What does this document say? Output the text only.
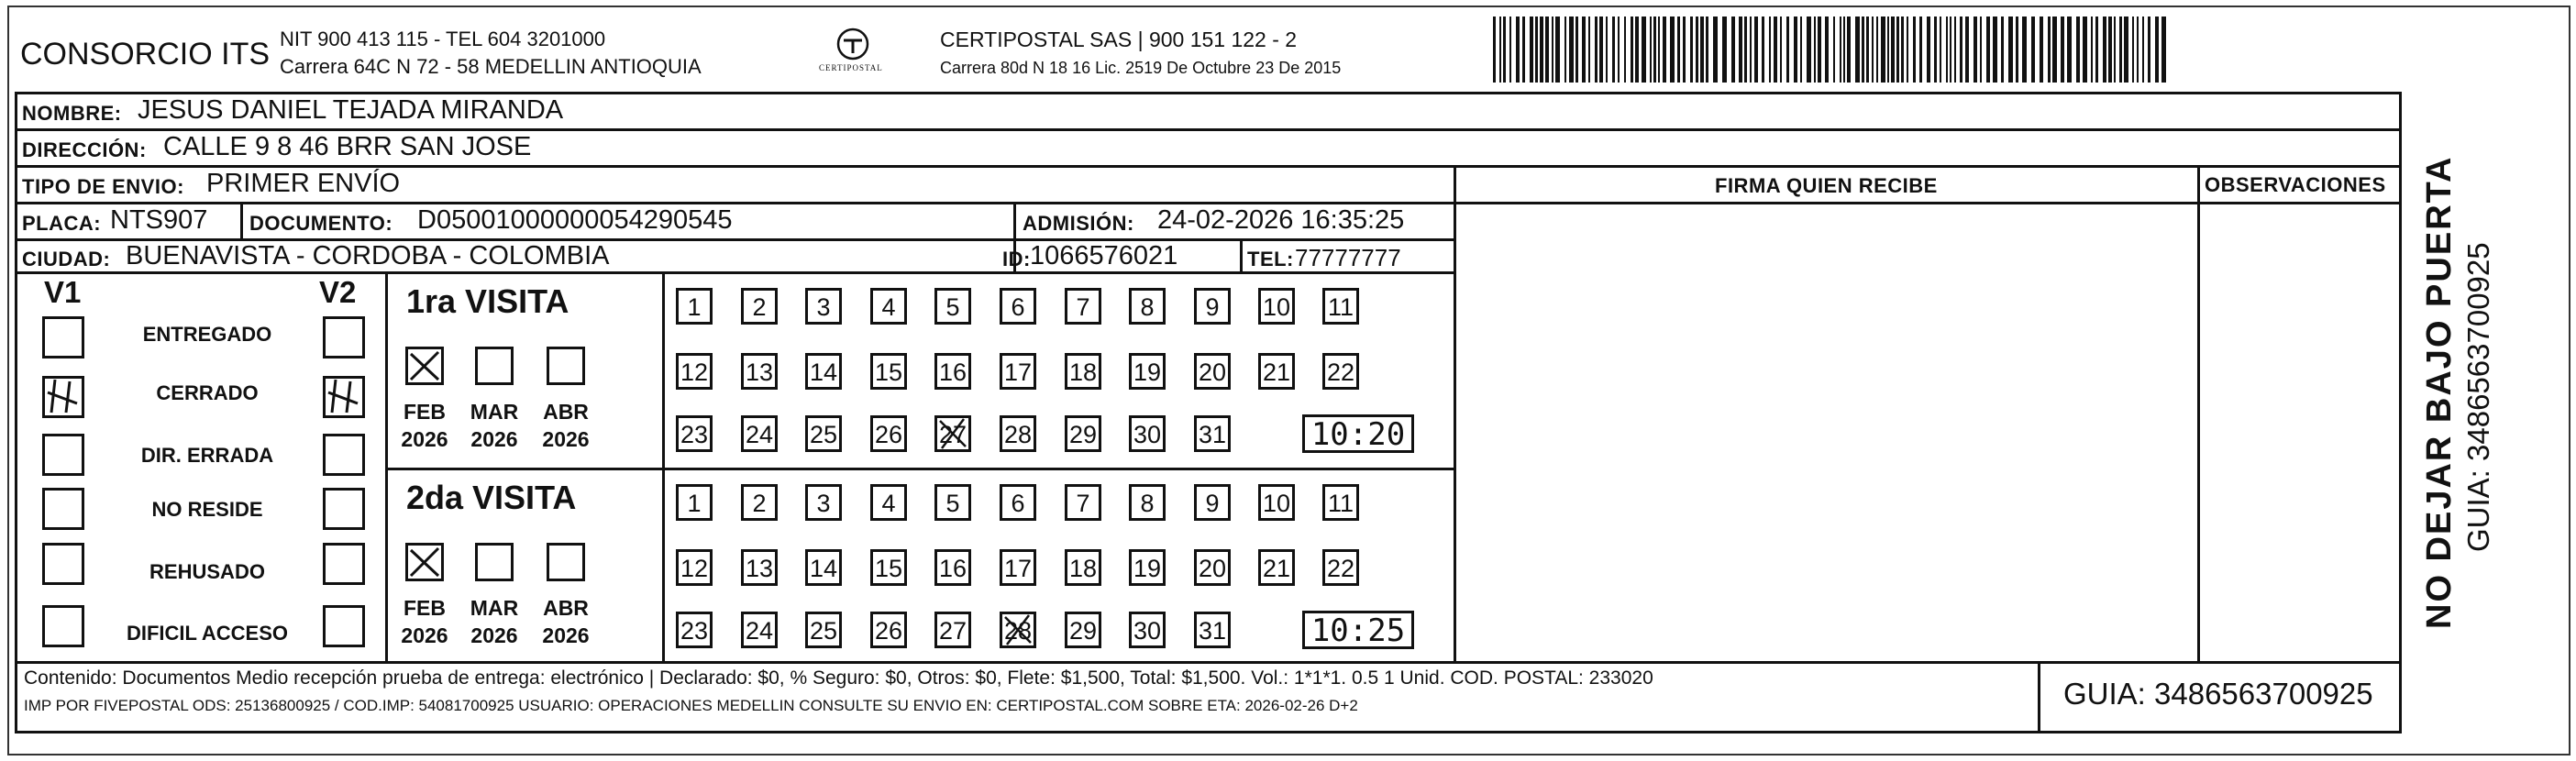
CONSORCIO ITS NIT 900 413 115 - TEL 604 3201000
Carrera 64C N 72 - 58 MEDELLIN ANTIOQUIA	CERTIPOSTAL
CERTIPOSTAL SAS | 900 151 122 - 2
Carrera 80d N 18 16 Lic. 2519 De Octubre 23 De 2015
NOMBRE: JESUS DANIEL TEJADA MIRANDA
DIRECCIÓN: CALLE 9 8 46 BRR SAN JOSE
TIPO DE ENVIO: PRIMER ENVÍO	FIRMA QUIEN RECIBE	OBSERVACIONES
PLACA: NTS907 DOCUMENTO: D05001000000054290545	ADMISIÓN: 24-02-2026 16:35:25
CIUDAD: BUENAVISTA - CORDOBA - COLOMBIA	ID: 1066576021	TEL: 77777777
V1	V2
ENTREGADO
CERRADO
DIR. ERRADA
NO RESIDE
REHUSADO
DIFICIL ACCESO
1ra VISITA
FEB
2026
MAR
2026
ABR
2026
1	2	3	4	5	6	7	8	9	10 11
12 13 14 15 16 17 18 19 20 21 22
23 24 25 26 27 28 29 30 31	10:20
2da VISITA
FEB
2026
MAR
2026
ABR
2026
1	2	3	4	5	6	7	8	9	10 11
12 13 14 15 16 17 18 19 20 21 22
23 24 25 26 27 28 29 30 31	10:25
Contenido: Documentos Medio recepción prueba de entrega: electrónico | Declarado: $0, % Seguro: $0, Otros: $0, Flete: $1,500, Total: $1,500. Vol.: 1*1*1. 0.5 1 Unid. COD. POSTAL: 233020
IMP POR FIVEPOSTAL ODS: 25136800925 / COD.IMP: 54081700925 USUARIO: OPERACIONES MEDELLIN CONSULTE SU ENVIO EN: CERTIPOSTAL.COM SOBRE ETA: 2026-02-26 D+2	GUIA: 3486563700925
NO DEJAR BAJO PUERTA GUIA: 3486563700925
